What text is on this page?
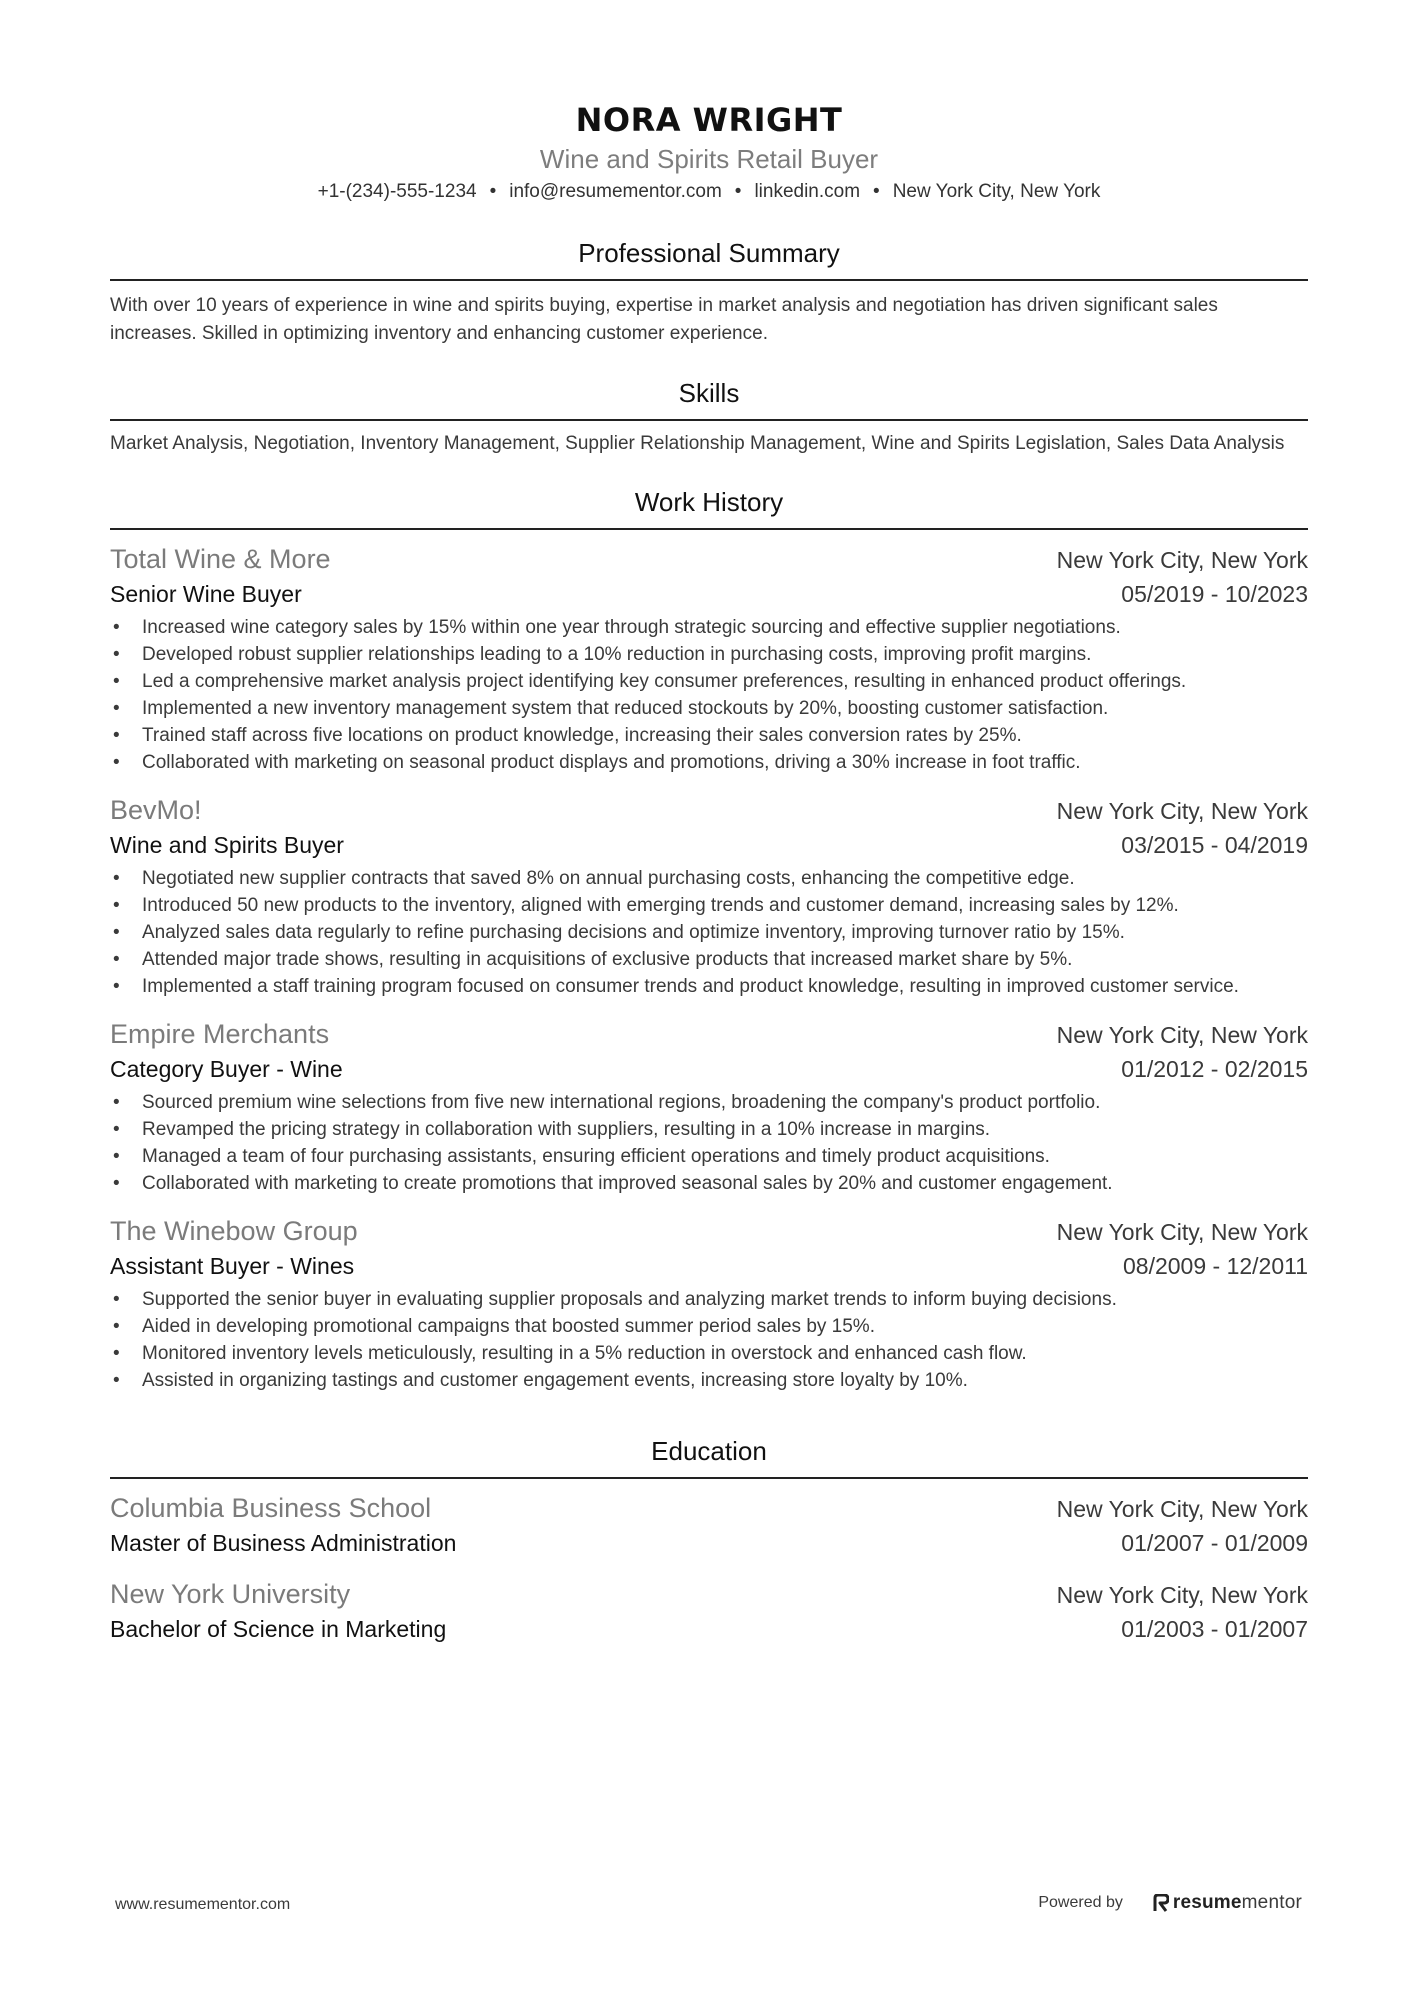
NORA WRIGHT
Wine and Spirits Retail Buyer
+1-(234)-555-1234 • info@resumementor.com • linkedin.com • New York City, New York
Professional Summary
With over 10 years of experience in wine and spirits buying, expertise in market analysis and negotiation has driven significant sales increases. Skilled in optimizing inventory and enhancing customer experience.
Skills
Market Analysis, Negotiation, Inventory Management, Supplier Relationship Management, Wine and Spirits Legislation, Sales Data Analysis
Work History
Total Wine & More	New York City, New York
Senior Wine Buyer	05/2019 - 10/2023
• Increased wine category sales by 15% within one year through strategic sourcing and effective supplier negotiations.
• Developed robust supplier relationships leading to a 10% reduction in purchasing costs, improving profit margins.
• Led a comprehensive market analysis project identifying key consumer preferences, resulting in enhanced product offerings.
• Implemented a new inventory management system that reduced stockouts by 20%, boosting customer satisfaction.
• Trained staff across five locations on product knowledge, increasing their sales conversion rates by 25%.
• Collaborated with marketing on seasonal product displays and promotions, driving a 30% increase in foot traffic.
BevMo!	New York City, New York
Wine and Spirits Buyer	03/2015 - 04/2019
• Negotiated new supplier contracts that saved 8% on annual purchasing costs, enhancing the competitive edge.
• Introduced 50 new products to the inventory, aligned with emerging trends and customer demand, increasing sales by 12%.
• Analyzed sales data regularly to refine purchasing decisions and optimize inventory, improving turnover ratio by 15%.
• Attended major trade shows, resulting in acquisitions of exclusive products that increased market share by 5%.
• Implemented a staff training program focused on consumer trends and product knowledge, resulting in improved customer service.
Empire Merchants	New York City, New York
Category Buyer - Wine	01/2012 - 02/2015
• Sourced premium wine selections from five new international regions, broadening the company's product portfolio.
• Revamped the pricing strategy in collaboration with suppliers, resulting in a 10% increase in margins.
• Managed a team of four purchasing assistants, ensuring efficient operations and timely product acquisitions.
• Collaborated with marketing to create promotions that improved seasonal sales by 20% and customer engagement.
The Winebow Group	New York City, New York
Assistant Buyer - Wines	08/2009 - 12/2011
• Supported the senior buyer in evaluating supplier proposals and analyzing market trends to inform buying decisions.
• Aided in developing promotional campaigns that boosted summer period sales by 15%.
• Monitored inventory levels meticulously, resulting in a 5% reduction in overstock and enhanced cash flow.
• Assisted in organizing tastings and customer engagement events, increasing store loyalty by 10%.
Education
Columbia Business School	New York City, New York
Master of Business Administration	01/2007 - 01/2009
New York University	New York City, New York
Bachelor of Science in Marketing	01/2003 - 01/2007
www.resumementor.com	Powered by	resumementor
